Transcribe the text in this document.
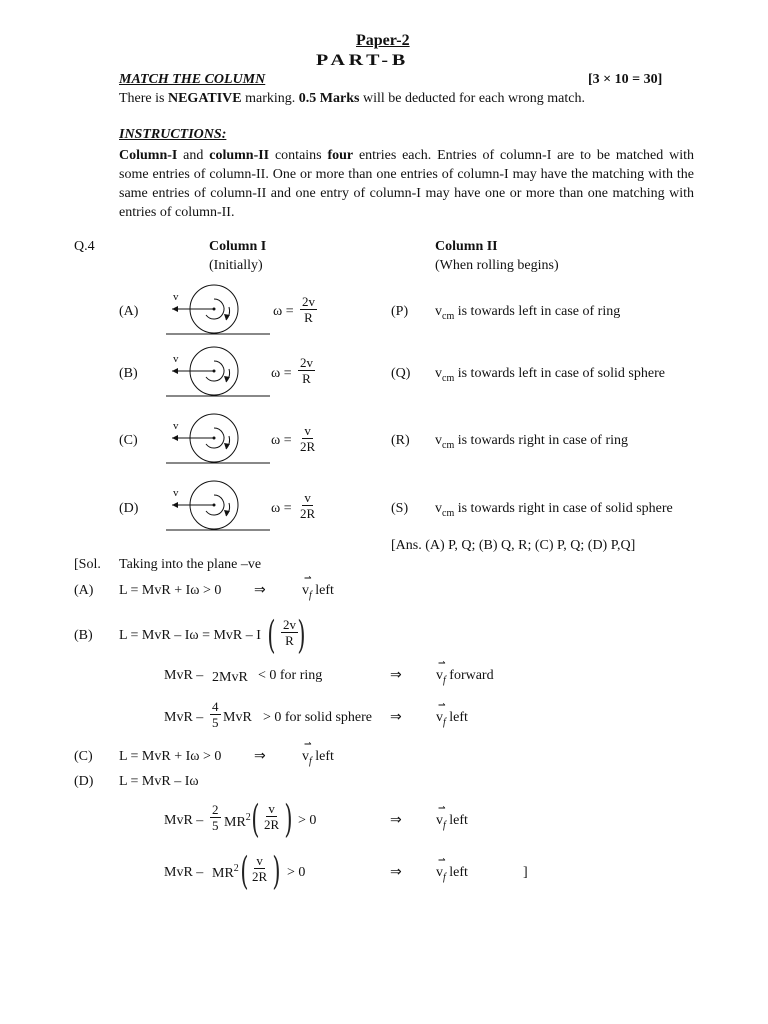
Paper-2
PART-B
MATCH THE COLUMN	[3 × 10 = 30]
There is NEGATIVE marking. 0.5 Marks will be deducted for each wrong match.
INSTRUCTIONS:
Column-I and column-II contains four entries each. Entries of column-I are to be matched with some entries of column-II. One or more than one entries of column-I may have the matching with the same entries of column-II and one entry of column-I may have one or more than one matching with entries of column-II.
Q.4	Column I
(Initially)
Column II
(When rolling begins)
(A)
v
$\omega = \frac{2v}{R}$	(P) $v_{cm}$ is towards left in case of ring
(B)
v
$\omega = \frac{2v}{R}$	(Q) $v_{cm}$ is towards left in case of solid sphere
(C)
v
$\omega = \frac{v}{2R}$	(R) $v_{cm}$ is towards right in case of ring
(D)
v
$\omega = \frac{v}{2R}$	(S) $v_{cm}$ is towards right in case of solid sphere
[Ans. (A) P, Q; (B) Q, R; (C) P, Q; (D) P,Q]
[Sol. Taking into the plane –ve
(A) L = MvR + Iω > 0 ⇒	$v_f$ left
⇀
(B) L = MvR – Iω = MvR – I ( $\frac{2v}{R}$ )
MvR – 2MvR < 0 for ring	⇒ $v_f$ forward
⇀
MvR – $\frac{4}{5}$ MvR > 0 for solid sphere ⇒ $v_f$ left
⇀
(C) L = MvR + Iω > 0 ⇒	$v_f$ left
⇀
(D) L = MvR – Iω
MvR – $\frac{2}{5} MR^2$ ( $\frac{v}{2R}$ ) > 0	⇒ $v_f$ left
⇀
MvR – $MR^2$ ( $\frac{v}{2R}$ ) > 0	⇒ $v_f$ left
⇀
]
